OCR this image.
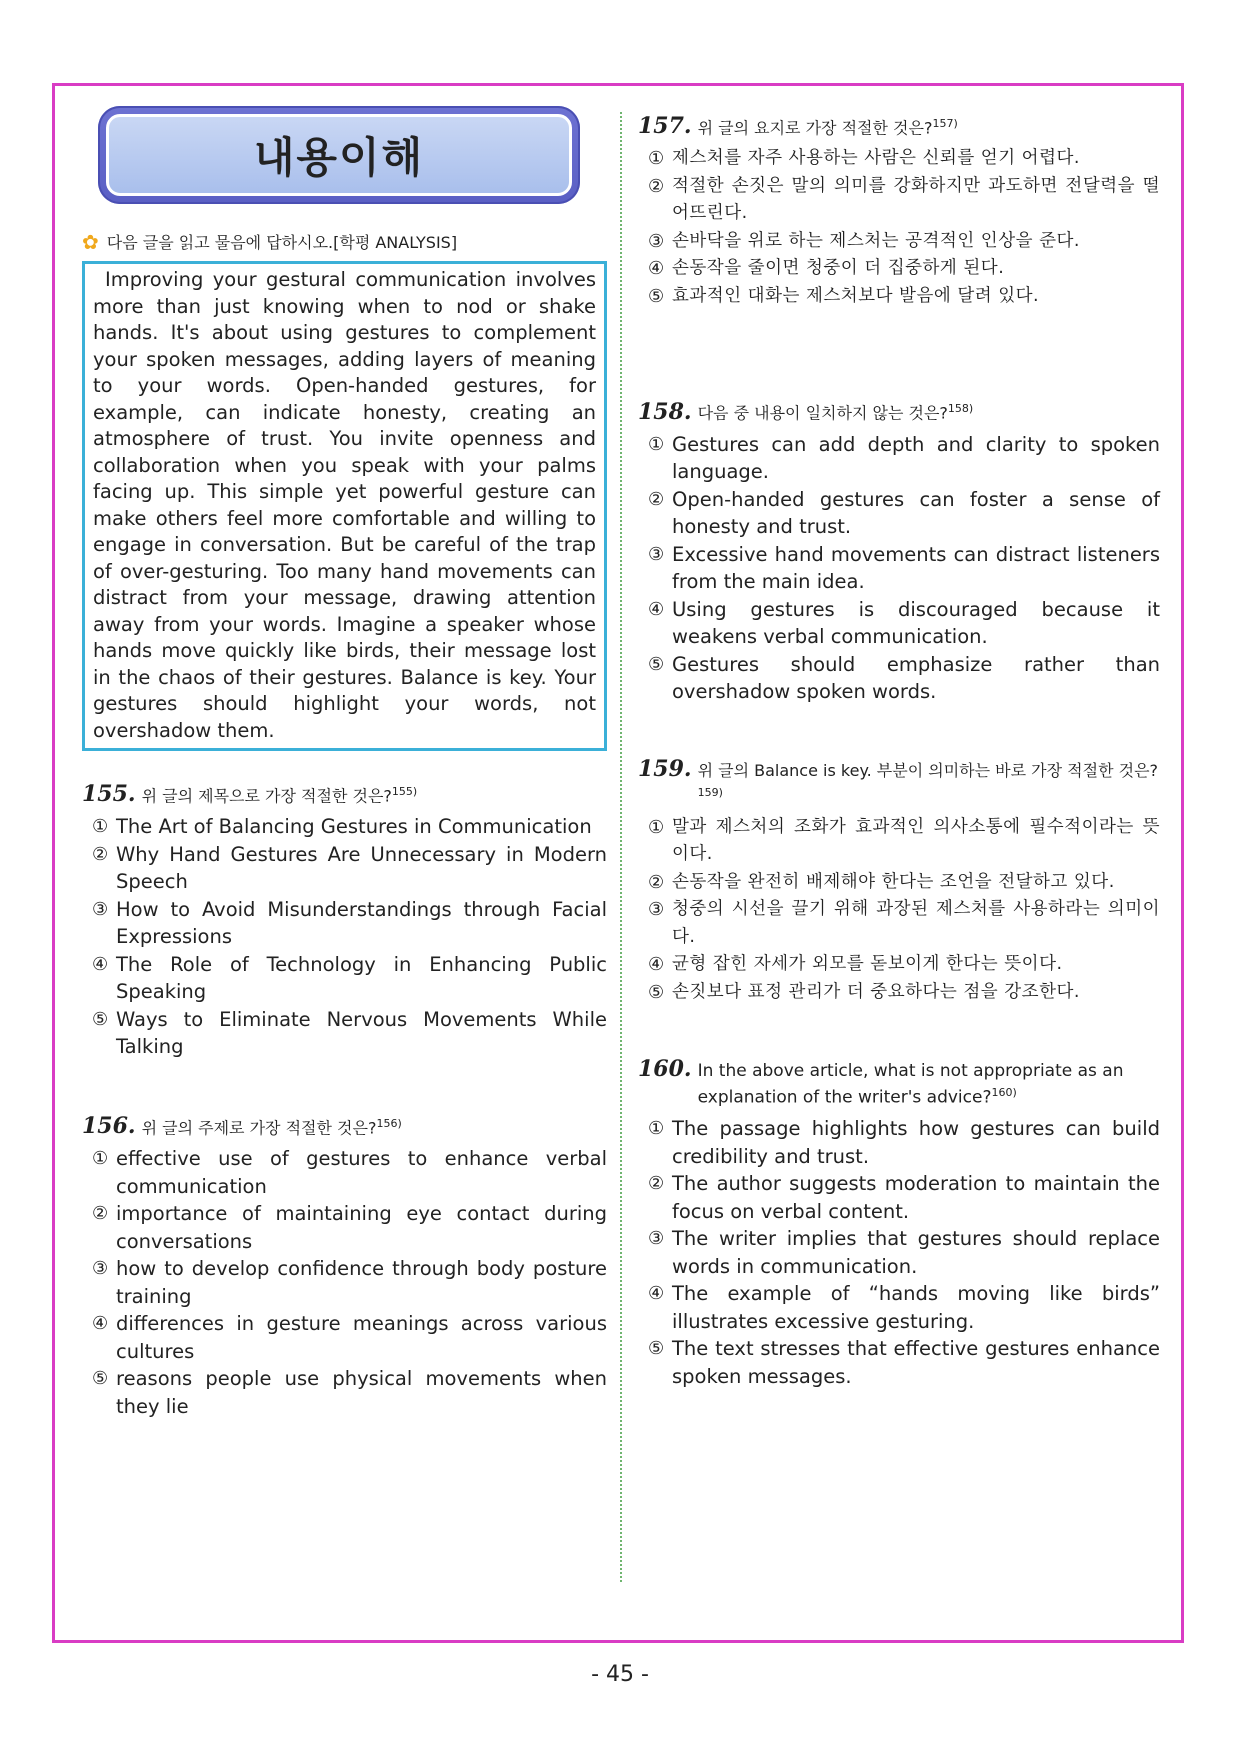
내용이해
✿ 다음 글을 읽고 물음에 답하시오.[학평 ANALYSIS]
Improving your gestural communication involves more than just knowing when to nod or shake hands. It's about using gestures to complement your spoken messages, adding layers of meaning to your words. Open-handed gestures, for example, can indicate honesty, creating an atmosphere of trust. You invite openness and collaboration when you speak with your palms facing up. This simple yet powerful gesture can make others feel more comfortable and willing to engage in conversation. But be careful of the trap of over-gesturing. Too many hand movements can distract from your message, drawing attention away from your words. Imagine a speaker whose hands move quickly like birds, their message lost in the chaos of their gestures. Balance is key. Your gestures should highlight your words, not overshadow them.
155. 위 글의 제목으로 가장 적절한 것은?$^{155)}$
① The Art of Balancing Gestures in Communication
② Why Hand Gestures Are Unnecessary in Modern Speech
③ How to Avoid Misunderstandings through Facial Expressions
④ The Role of Technology in Enhancing Public Speaking
⑤ Ways to Eliminate Nervous Movements While Talking
156. 위 글의 주제로 가장 적절한 것은?$^{156)}$
① effective use of gestures to enhance verbal communication
② importance of maintaining eye contact during conversations
③ how to develop confidence through body posture training
④ differences in gesture meanings across various cultures
⑤ reasons people use physical movements when they lie
157. 위 글의 요지로 가장 적절한 것은?$^{157)}$
① 제스처를 자주 사용하는 사람은 신뢰를 얻기 어렵다.
② 적절한 손짓은 말의 의미를 강화하지만 과도하면 전달력을 떨어뜨린다.
③ 손바닥을 위로 하는 제스처는 공격적인 인상을 준다.
④ 손동작을 줄이면 청중이 더 집중하게 된다.
⑤ 효과적인 대화는 제스처보다 발음에 달려 있다.
158. 다음 중 내용이 일치하지 않는 것은?$^{158)}$
① Gestures can add depth and clarity to spoken language.
② Open-handed gestures can foster a sense of honesty and trust.
③ Excessive hand movements can distract listeners from the main idea.
④ Using gestures is discouraged because it weakens verbal communication.
⑤ Gestures should emphasize rather than overshadow spoken words.
159. 위 글의 Balance is key. 부분이 의미하는 바로 가장 적절한 것은?$^{159)}$
① 말과 제스처의 조화가 효과적인 의사소통에 필수적이라는 뜻이다.
② 손동작을 완전히 배제해야 한다는 조언을 전달하고 있다.
③ 청중의 시선을 끌기 위해 과장된 제스처를 사용하라는 의미이다.
④ 균형 잡힌 자세가 외모를 돋보이게 한다는 뜻이다.
⑤ 손짓보다 표정 관리가 더 중요하다는 점을 강조한다.
160. In the above article, what is not appropriate as an explanation of the writer's advice?$^{160)}$
① The passage highlights how gestures can build credibility and trust.
② The author suggests moderation to maintain the focus on verbal content.
③ The writer implies that gestures should replace words in communication.
④ The example of “hands moving like birds” illustrates excessive gesturing.
⑤ The text stresses that effective gestures enhance spoken messages.
- 45 -
